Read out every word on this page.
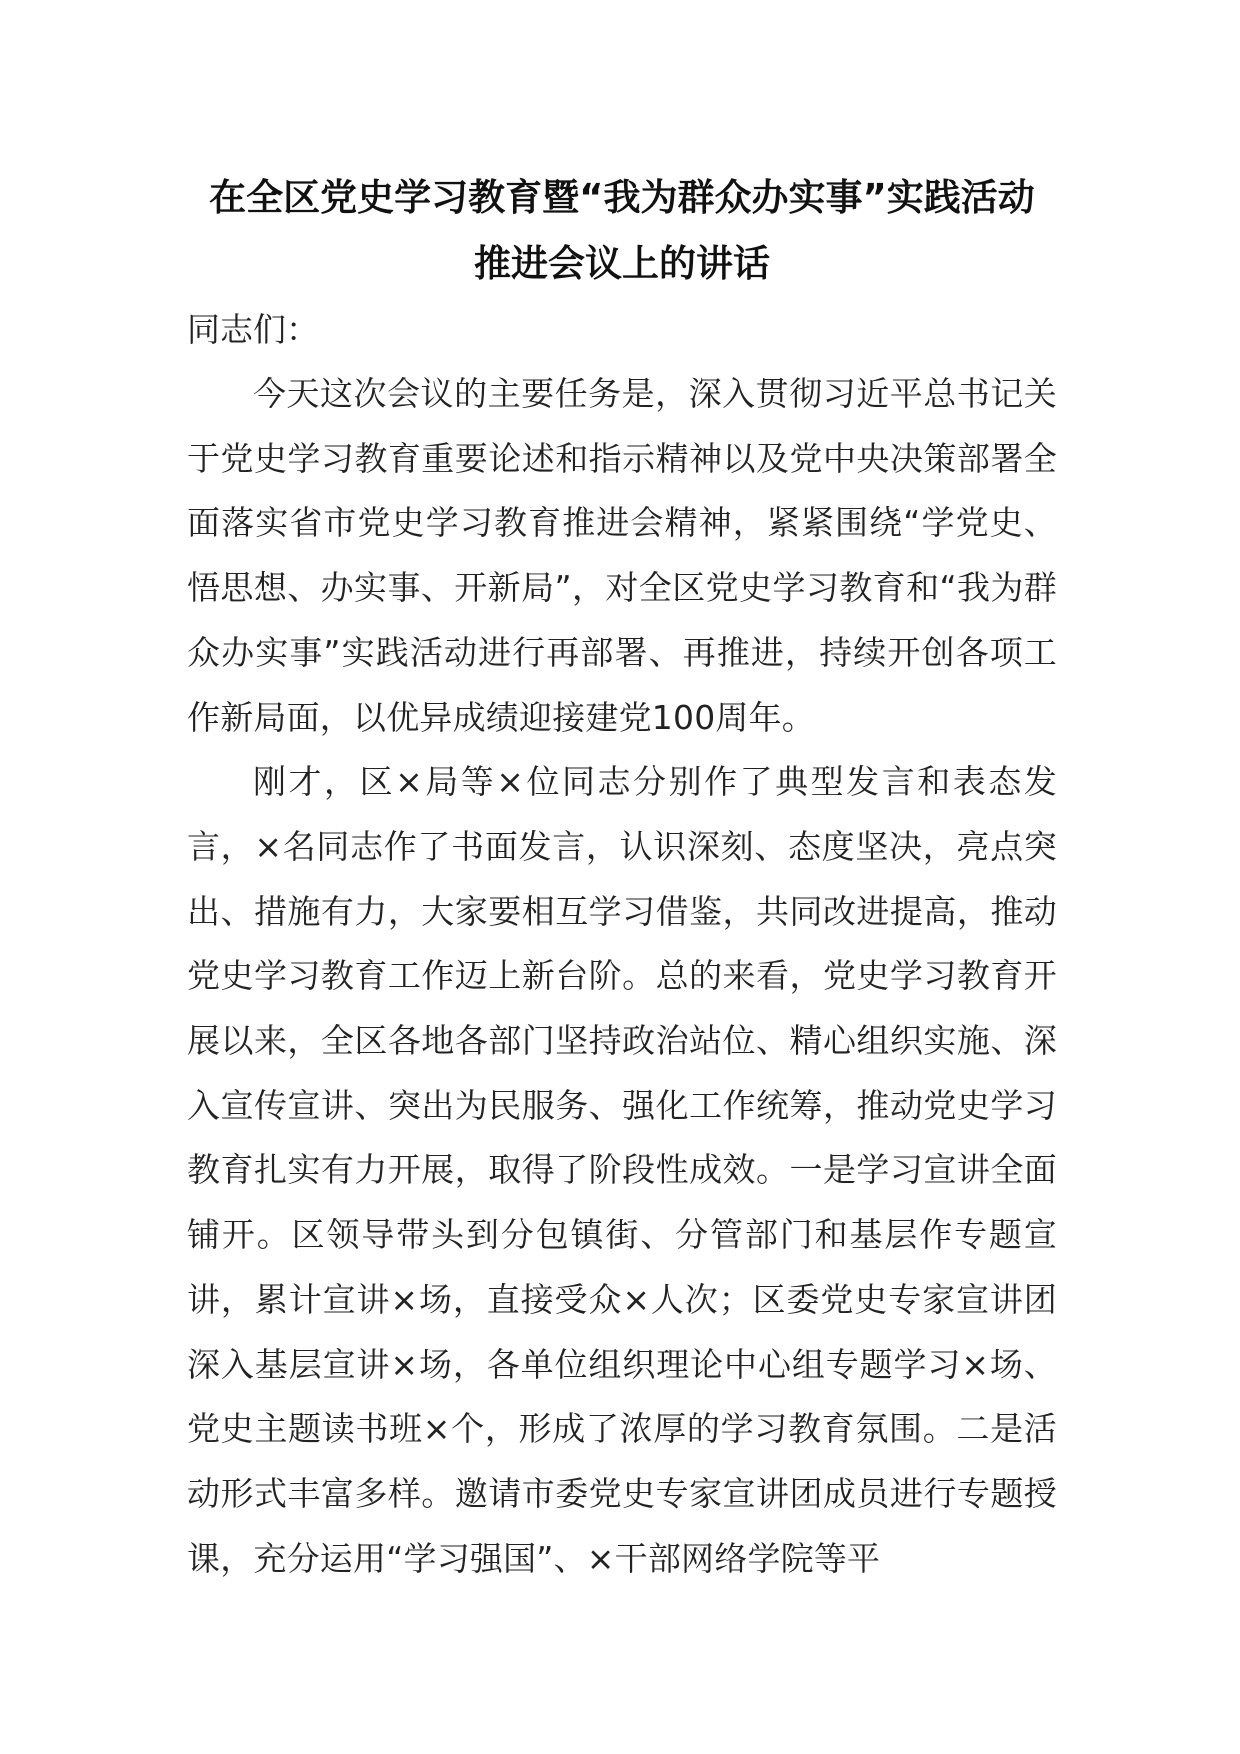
在全区党史学习教育暨“我为群众办实事”实践活动
推进会议上的讲话

同志们：

今天这次会议的主要任务是，深入贯彻习近平总书记关于党史学习教育重要论述和指示精神以及党中央决策部署全面落实省市党史学习教育推进会精神，紧紧围绕“学党史、悟思想、办实事、开新局”，对全区党史学习教育和“我为群众办实事”实践活动进行再部署、再推进，持续开创各项工作新局面，以优异成绩迎接建党100周年。

刚才，区×局等×位同志分别作了典型发言和表态发言，×名同志作了书面发言，认识深刻、态度坚决，亮点突出、措施有力，大家要相互学习借鉴，共同改进提高，推动党史学习教育工作迈上新台阶。总的来看，党史学习教育开展以来，全区各地各部门坚持政治站位、精心组织实施、深入宣传宣讲、突出为民服务、强化工作统筹，推动党史学习教育扎实有力开展，取得了阶段性成效。一是学习宣讲全面铺开。区领导带头到分包镇街、分管部门和基层作专题宣讲，累计宣讲×场，直接受众×人次；区委党史专家宣讲团深入基层宣讲×场，各单位组织理论中心组专题学习×场、党史主题读书班×个，形成了浓厚的学习教育氛围。二是活动形式丰富多样。邀请市委党史专家宣讲团成员进行专题授课，充分运用“学习强国”、×干部网络学院等平
